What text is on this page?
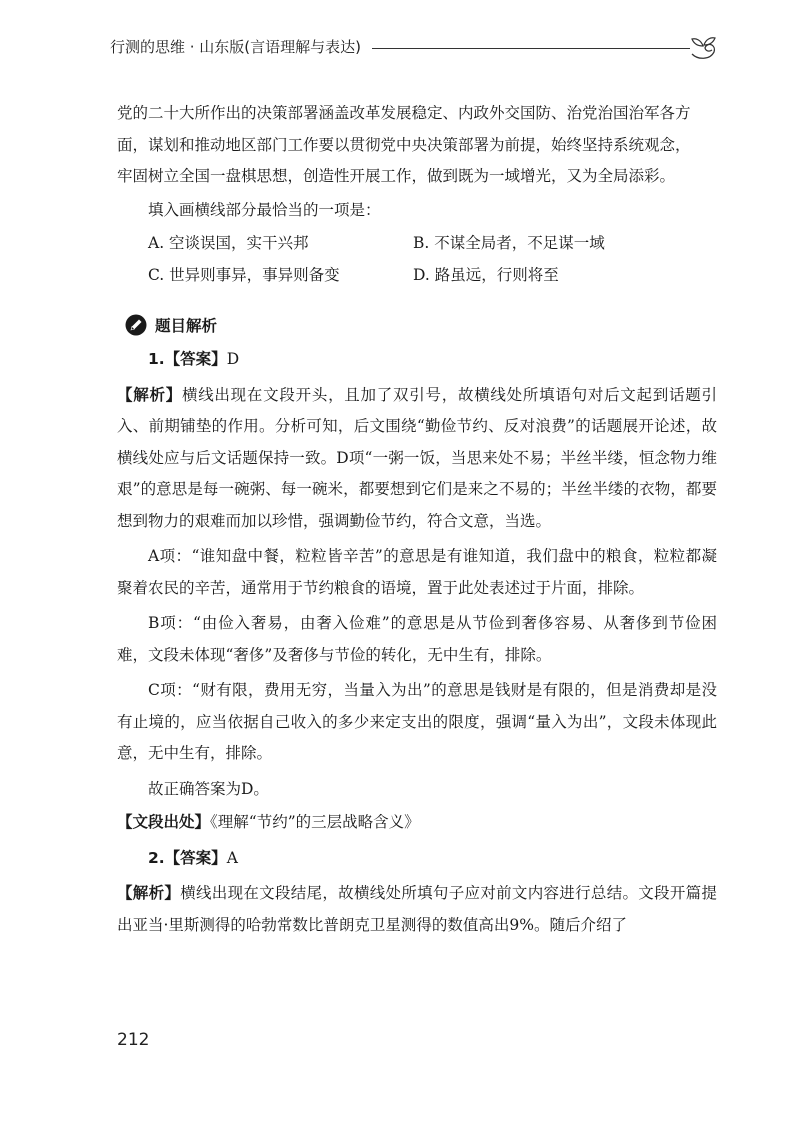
行测的思维 · 山东版(言语理解与表达)

党的二十大所作出的决策部署涵盖改革发展稳定、内政外交国防、治党治国治军各方

面，谋划和推动地区部门工作要以贯彻党中央决策部署为前提，始终坚持系统观念，

牢固树立全国一盘棋思想，创造性开展工作，做到既为一域增光，又为全局添彩。

填入画横线部分最恰当的一项是：

A. 空谈误国，实干兴邦	B. 不谋全局者，不足谋一域
C. 世异则事异，事异则备变	D. 路虽远，行则将至
题目解析

1.【答案】D

【解析】横线出现在文段开头，且加了双引号，故横线处所填语句对后文起到话题引入、前期铺垫的作用。分析可知，后文围绕“勤俭节约、反对浪费”的话题展开论述，故横线处应与后文话题保持一致。D项“一粥一饭，当思来处不易；半丝半缕，恒念物力维艰”的意思是每一碗粥、每一碗米，都要想到它们是来之不易的；半丝半缕的衣物，都要想到物力的艰难而加以珍惜，强调勤俭节约，符合文意，当选。

A项：“谁知盘中餐，粒粒皆辛苦”的意思是有谁知道，我们盘中的粮食，粒粒都凝聚着农民的辛苦，通常用于节约粮食的语境，置于此处表述过于片面，排除。

B项：“由俭入奢易，由奢入俭难”的意思是从节俭到奢侈容易、从奢侈到节俭困难，文段未体现“奢侈”及奢侈与节俭的转化，无中生有，排除。

C项：“财有限，费用无穷，当量入为出”的意思是钱财是有限的，但是消费却是没有止境的，应当依据自己收入的多少来定支出的限度，强调“量入为出”，文段未体现此意，无中生有，排除。

故正确答案为D。

【文段出处】《理解“节约”的三层战略含义》

2.【答案】A

【解析】横线出现在文段结尾，故横线处所填句子应对前文内容进行总结。文段开篇提出亚当·里斯测得的哈勃常数比普朗克卫星测得的数值高出9%。随后介绍了

212
